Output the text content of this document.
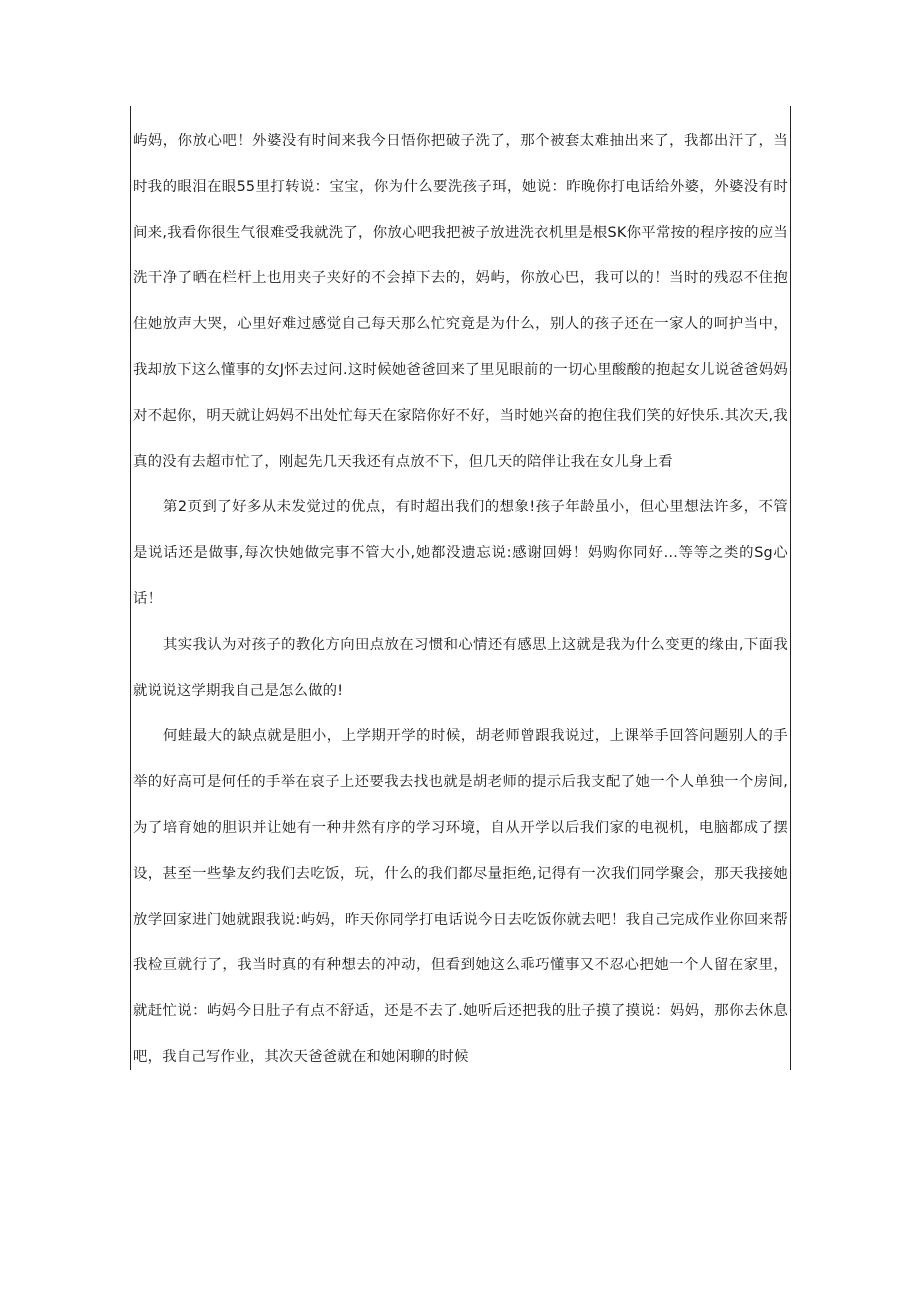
屿妈，你放心吧！外婆没有时间来我今日悟你把破子洗了，那个被套太难抽出来了，我都出汗了，当时我的眼泪在眼55里打转说：宝宝，你为什么要洗孩子珥，她说：昨晚你打电话给外婆，外婆没有时间来,我看你很生气很难受我就洗了，你放心吧我把被子放进洗衣机里是根SK你平常按的程序按的应当洗干净了晒在栏杆上也用夹子夹好的不会掉下去的，妈屿，你放心巴，我可以的！当时的残忍不住抱住她放声大哭，心里好难过感觉自己每天那么忙究竟是为什么，别人的孩子还在一家人的呵护当中，我却放下这么懂事的女J怀去过问.这时候她爸爸回来了里见眼前的一切心里酸酸的抱起女儿说爸爸妈妈对不起你，明天就让妈妈不出处忙每天在家陪你好不好，当时她兴奋的抱住我们笑的好快乐.其次天,我真的没有去超市忙了，刚起先几天我还有点放不下，但几天的陪伴让我在女儿身上看

第2页到了好多从未发觉过的优点，有时超出我们的想象!孩子年龄虽小，但心里想法许多，不管是说话还是做事,每次快她做完事不管大小,她都没遗忘说:感谢回姆！妈购你同好…等等之类的Sg心话！

其实我认为对孩子的教化方向田点放在习惯和心情还有感思上这就是我为什么变更的缘由,下面我就说说这学期我自己是怎么做的!

何蛙最大的缺点就是胆小，上学期开学的时候，胡老师曾跟我说过，上课举手回答问题别人的手举的好高可是何任的手举在哀子上还要我去找也就是胡老师的提示后我支配了她一个人单独一个房间,为了培育她的胆识并让她有一种井然有序的学习环境，自从开学以后我们家的电视机，电脑都成了摆设，甚至一些挚友约我们去吃饭，玩，什么的我们都尽量拒绝,记得有一次我们同学聚会，那天我接她放学回家进门她就跟我说:屿妈，昨天你同学打电话说今日去吃饭你就去吧！我自己完成作业你回来帮我检亘就行了，我当时真的有种想去的冲动，但看到她这么乖巧懂事又不忍心把她一个人留在家里，就赶忙说：屿妈今日肚子有点不舒适，还是不去了.她听后还把我的肚子摸了摸说：妈妈，那你去休息吧，我自己写作业，其次天爸爸就在和她闲聊的时候
